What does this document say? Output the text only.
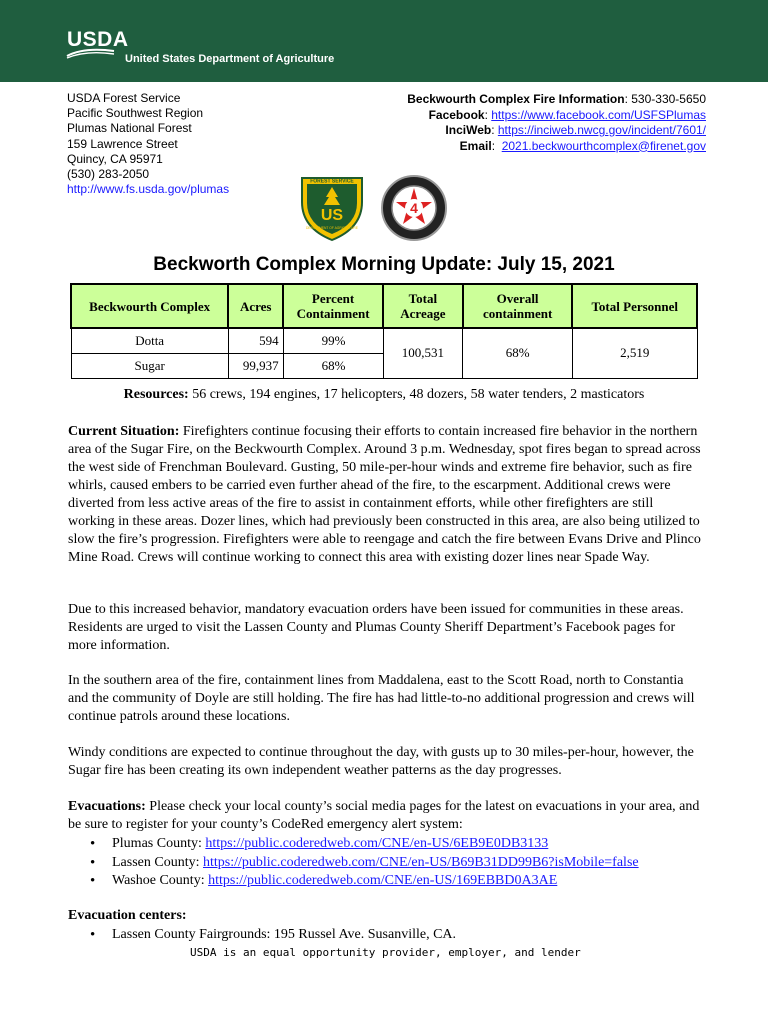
USDA
United States Department of Agriculture
USDA Forest Service
Pacific Southwest Region
Plumas National Forest
159 Lawrence Street
Quincy, CA 95971
(530) 283-2050
http://www.fs.usda.gov/plumas
Beckwourth Complex Fire Information: 530-330-5650
Facebook: https://www.facebook.com/USFSPlumas
InciWeb: https://inciweb.nwcg.gov/incident/7601/
Email:  2021.beckwourthcomplex@firenet.gov
FOREST SERVICE
US
DEPARTMENT OF AGRICULTURE
4
Beckworth Complex Morning Update: July 15, 2021
Beckwourth Complex	Acres	Percent Containment	Total Acreage	Overall containment	Total Personnel
Dotta	594	99%	100,531	68%	2,519
Sugar	99,937	68%			
Resources: 56 crews, 194 engines, 17 helicopters, 48 dozers, 58 water tenders, 2 masticators
Current Situation: Firefighters continue focusing their efforts to contain increased fire behavior in the northern area of the Sugar Fire, on the Beckwourth Complex. Around 3 p.m. Wednesday, spot fires began to spread across the west side of Frenchman Boulevard. Gusting, 50 mile-per-hour winds and extreme fire behavior, such as fire whirls, caused embers to be carried even further ahead of the fire, to the escarpment. Additional crews were diverted from less active areas of the fire to assist in containment efforts, while other firefighters are still working in these areas. Dozer lines, which had previously been constructed in this area, are also being utilized to slow the fire’s progression. Firefighters were able to reengage and catch the fire between Evans Drive and Plinco Mine Road. Crews will continue working to connect this area with existing dozer lines near Spade Way.
Due to this increased behavior, mandatory evacuation orders have been issued for communities in these areas. Residents are urged to visit the Lassen County and Plumas County Sheriff Department’s Facebook pages for more information.
In the southern area of the fire, containment lines from Maddalena, east to the Scott Road, north to Constantia and the community of Doyle are still holding. The fire has had little-to-no additional progression and crews will continue patrols around these locations.
Windy conditions are expected to continue throughout the day, with gusts up to 30 miles-per-hour, however, the Sugar fire has been creating its own independent weather patterns as the day progresses.
Evacuations: Please check your local county’s social media pages for the latest on evacuations in your area, and be sure to register for your county’s CodeRed emergency alert system:
• Plumas County: https://public.coderedweb.com/CNE/en-US/6EB9E0DB3133
• Lassen County: https://public.coderedweb.com/CNE/en-US/B69B31DD99B6?isMobile=false
• Washoe County: https://public.coderedweb.com/CNE/en-US/169EBBD0A3AE
Evacuation centers:
• Lassen County Fairgrounds: 195 Russel Ave. Susanville, CA.
USDA is an equal opportunity provider, employer, and lender
